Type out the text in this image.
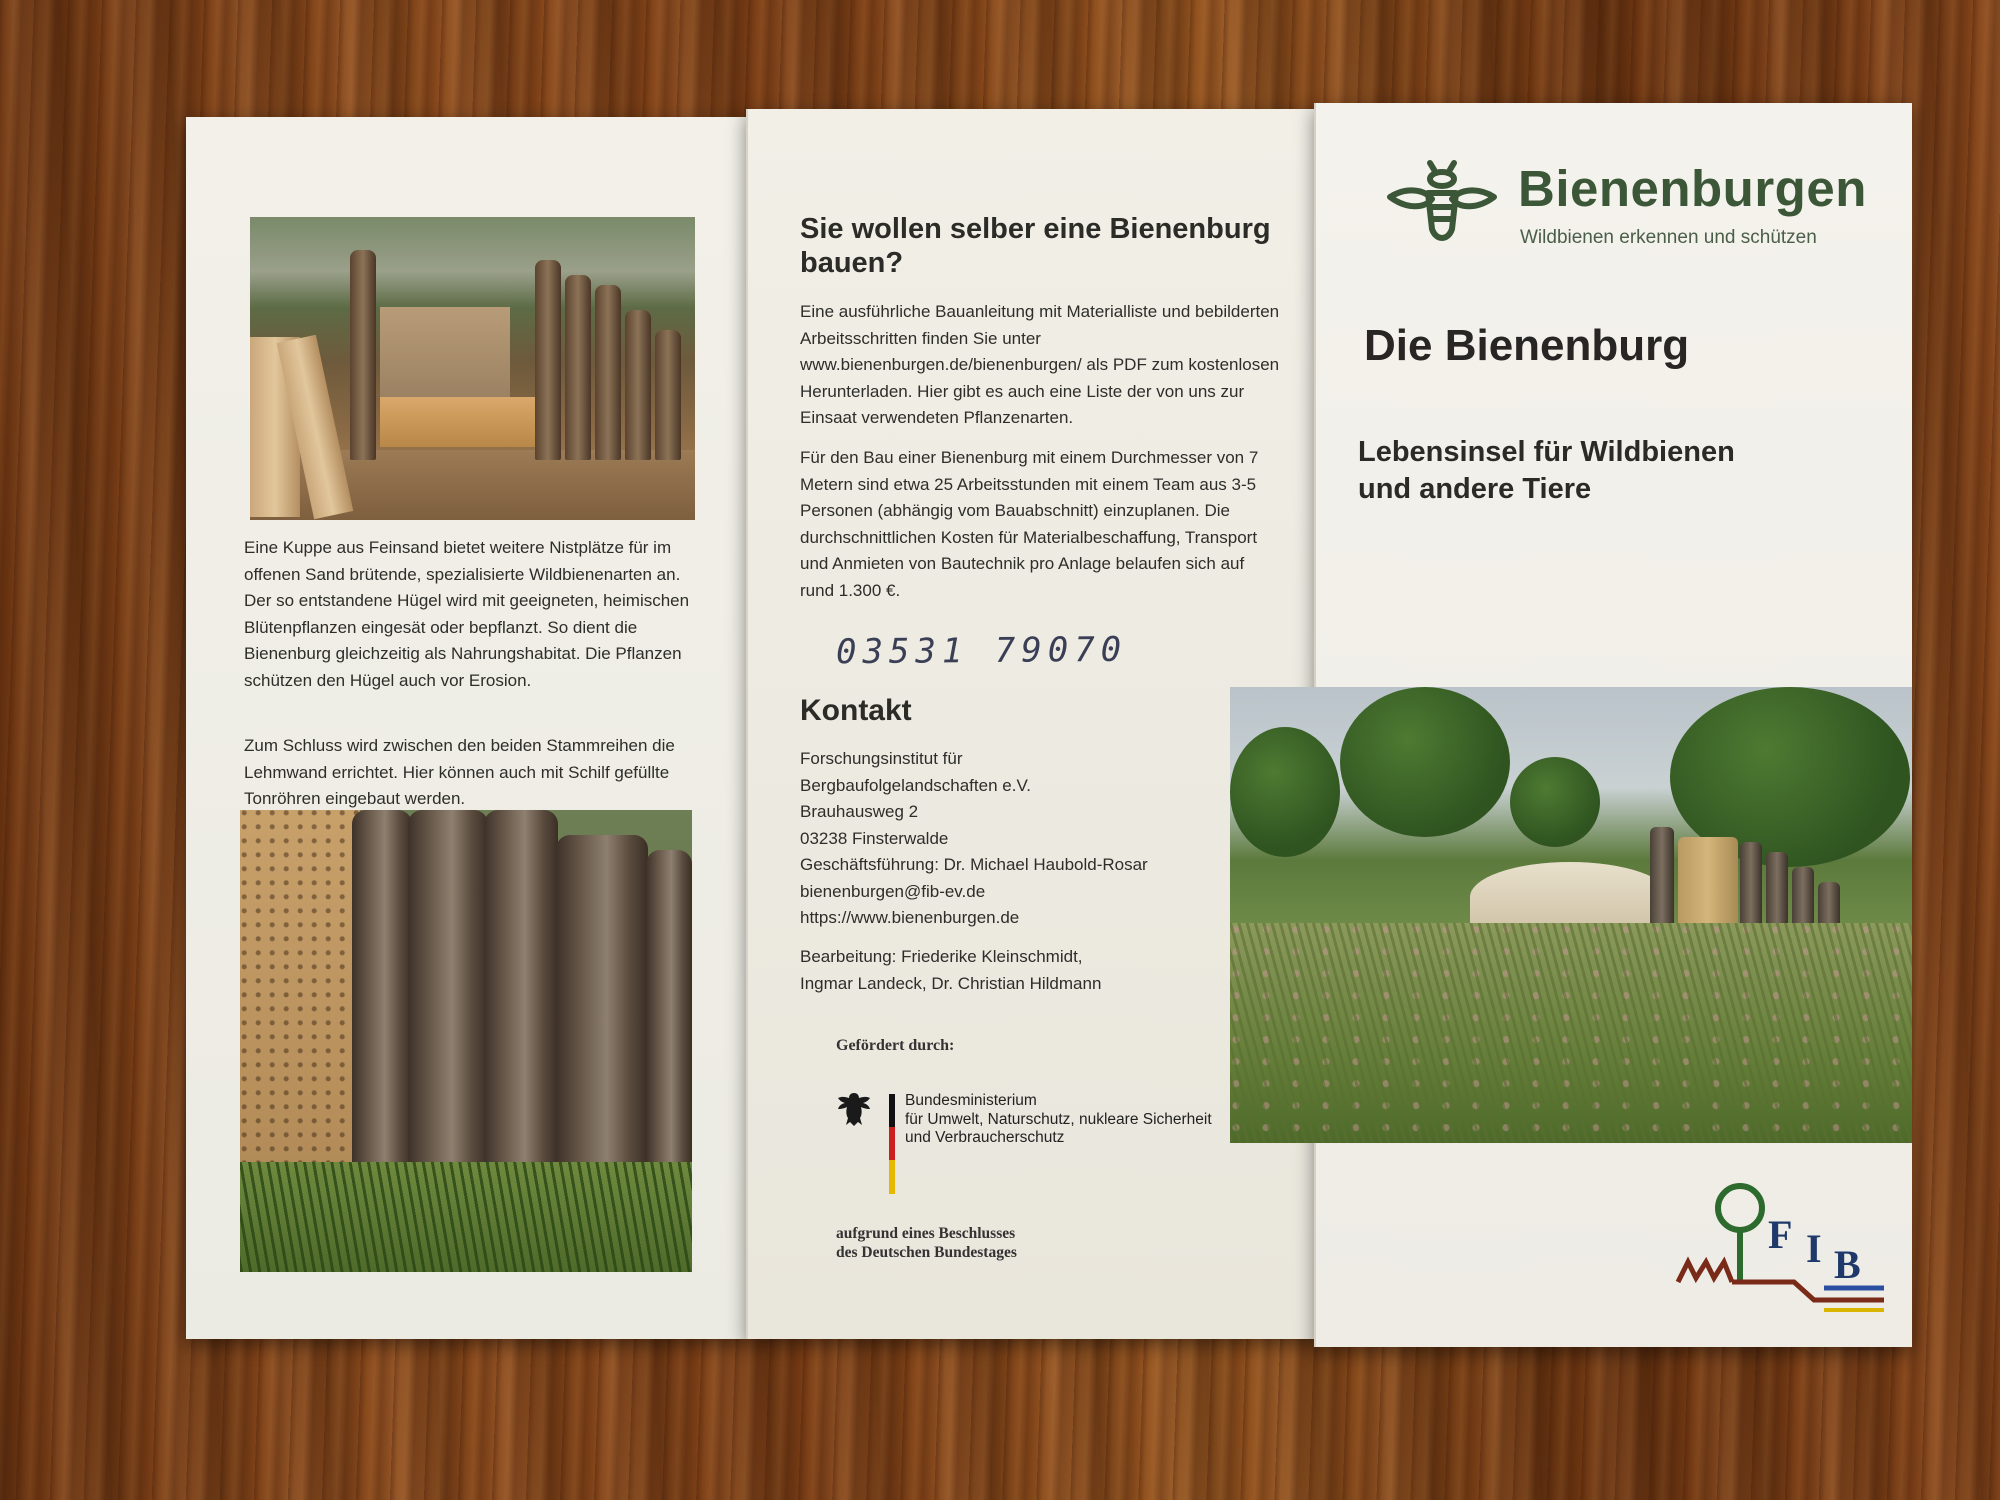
Eine Kuppe aus Feinsand bietet weitere Nistplätze für im offenen Sand brütende, spezialisierte Wildbienenarten an. Der so entstandene Hügel wird mit geeigneten, heimischen Blütenpflanzen eingesät oder bepflanzt. So dient die Bienenburg gleichzeitig als Nahrungshabitat. Die Pflanzen schützen den Hügel auch vor Erosion.
Zum Schluss wird zwischen den beiden Stammreihen die Lehmwand errichtet. Hier können auch mit Schilf gefüllte Tonröhren eingebaut werden.
Sie wollen selber eine Bienenburg bauen?
Eine ausführliche Bauanleitung mit Materialliste und bebilderten Arbeitsschritten finden Sie unter www.bienenburgen.de/bienenburgen/ als PDF zum kostenlosen Herunterladen. Hier gibt es auch eine Liste der von uns zur Einsaat verwendeten Pflanzenarten.
Für den Bau einer Bienenburg mit einem Durchmesser von 7 Metern sind etwa 25 Arbeitsstunden mit einem Team aus 3-5 Personen (abhängig vom Bauabschnitt) einzuplanen. Die durchschnittlichen Kosten für Materialbeschaffung, Transport und Anmieten von Bautechnik pro Anlage belaufen sich auf rund 1.300 €.
03531 79070
Kontakt
Forschungsinstitut für
Bergbaufolgelandschaften e.V.
Brauhausweg 2
03238 Finsterwalde
Geschäftsführung: Dr. Michael Haubold-Rosar
bienenburgen@fib-ev.de
https://www.bienenburgen.de
Bearbeitung: Friederike Kleinschmidt,
Ingmar Landeck, Dr. Christian Hildmann
Gefördert durch:
Bundesministerium
für Umwelt, Naturschutz, nukleare Sicherheit
und Verbraucherschutz
aufgrund eines Beschlusses
des Deutschen Bundestages
Bienenburgen
Wildbienen erkennen und schützen
Die Bienenburg
Lebensinsel für Wildbienen
und andere Tiere
F I B
